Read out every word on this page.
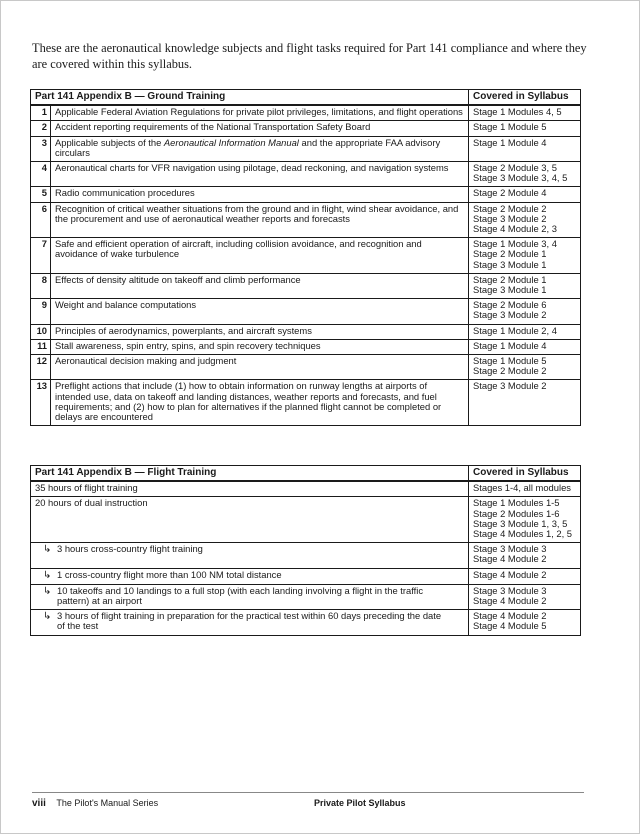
These are the aeronautical knowledge subjects and flight tasks required for Part 141 compliance and where they are covered within this syllabus.

Part 141 Appendix B — Ground Training		Covered in Syllabus
1	Applicable Federal Aviation Regulations for private pilot privileges, limitations, and flight operations	Stage 1 Modules 4, 5
2	Accident reporting requirements of the National Transportation Safety Board	Stage 1 Module 5
3	Applicable subjects of the Aeronautical Information Manual and the appropriate FAA advisory circulars	Stage 1 Module 4
4	Aeronautical charts for VFR navigation using pilotage, dead reckoning, and navigation systems	Stage 2 Module 3, 5
Stage 3 Module 3, 4, 5
5	Radio communication procedures	Stage 2 Module 4
6	Recognition of critical weather situations from the ground and in flight, wind shear avoidance, and the procurement and use of aeronautical weather reports and forecasts	Stage 2 Module 2
Stage 3 Module 2
Stage 4 Module 2, 3
7	Safe and efficient operation of aircraft, including collision avoidance, and recognition and avoidance of wake turbulence	Stage 1 Module 3, 4
Stage 2 Module 1
Stage 3 Module 1
8	Effects of density altitude on takeoff and climb performance	Stage 2 Module 1
Stage 3 Module 1
9	Weight and balance computations	Stage 2 Module 6
Stage 3 Module 2
10	Principles of aerodynamics, powerplants, and aircraft systems	Stage 1 Module 2, 4
11	Stall awareness, spin entry, spins, and spin recovery techniques	Stage 1 Module 4
12	Aeronautical decision making and judgment	Stage 1 Module 5
Stage 2 Module 2
13	Preflight actions that include (1) how to obtain information on runway lengths at airports of intended use, data on takeoff and landing distances, weather reports and forecasts, and fuel requirements; and (2) how to plan for alternatives if the planned flight cannot be completed or delays are encountered	Stage 3 Module 2
Part 141 Appendix B — Flight Training	Covered in Syllabus
35 hours of flight training	Stages 1-4, all modules
20 hours of dual instruction	Stage 1 Modules 1-5
Stage 2 Modules 1-6
Stage 3 Module 1, 3, 5
Stage 4 Modules 1, 2, 5
↳ 3 hours cross-country flight training	Stage 3 Module 3
Stage 4 Module 2
↳ 1 cross-country flight more than 100 NM total distance	Stage 4 Module 2
↳ 10 takeoffs and 10 landings to a full stop (with each landing involving a flight in the traffic pattern) at an airport	Stage 3 Module 3
Stage 4 Module 2
↳ 3 hours of flight training in preparation for the practical test within 60 days preceding the date of the test	Stage 4 Module 2
Stage 4 Module 5
viii The Pilot's Manual Series	Private Pilot Syllabus
